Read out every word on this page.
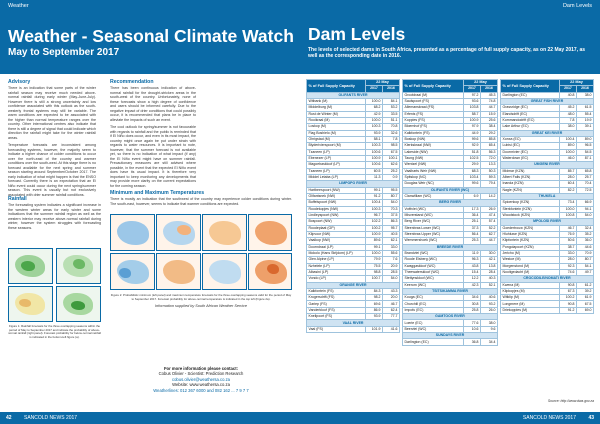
Weather
Weather - Seasonal Climate Watch
May to September 2017
Advisory

There is an indication that some parts of the winter rainfall season may receive much needed above-normal rainfall during early winter (May-June-July). However there is still a strong uncertainty and low confidence associated with this outlook as the south-westerly frontal systems may still be variable. The warm conditions are expected to be associated with the higher than normal temperature ranges over the country. Other international centres also indicate that there is still a degree of signal that could indicate which direction the rainfall might take for the winter rainfall areas.

Temperature forecasts are inconsistent among forecasting systems, however, the majority seem to indicate a higher chance of colder conditions to occur over the north-east of the country and warmer conditions over the south-west. At this stage there is no forecast available for the next spring and summer season starting around September/October 2017. The early indication of what might happen is that the ENSO forecast. Currently there is an expectation that an El Niño event could occur during the next spring/summer season. This event is usually but not exclusively associated with drier summer rainfall conditions.

Recommendation

There has been continuous indication of above-normal rainfall for the drought-stricken areas in the south-west of the country. Unfortunately, none of these forecasts show a high degree of confidence and users should be informed carefully. Due to the negative impact of drier conditions that could possibly occur, it is recommended that plans be in place to alleviate the impacts of such an event.

The cool outlook for spring/summer is not favourable with regards to rainfall and the public is reminded that if El Niño does occur, and even in its most impact, the country might once again be put under strain with regards to water resources. It is important to note, however, that the summer forecast is not available yet, so there is no indication of what impact (if any) the El Niño event might have on summer rainfall. Precautionary measures are still advised where possible, in the event that the expected El Niño event does have its usual impact. It is therefore very important to keep monitoring any developments that may provide more clarity on the current expectations for the coming season.

Rainfall

The forecasting system indicates a significant increase in the western winter areas for early winter and some indications that the summer rainfall region as well as the western interior may receive above-normal rainfall during winter, however the system struggles with forecasting these seasons.

Minimum and Maximum Temperatures

There is mostly an indication that the southwest of the country may experience colder conditions during winter. The south-east, however, seems to indicate that warmer conditions are expected.

Figure 1: Rainfall forecasts for the three overlapping seasons within the period of May to September 2017 and indicate the probability of above-normal rainfall (right panel). Forecast probability for below-normal rainfall is indicated in the bottom-left figure (a).
Figure 2: Probabilistic minimum (left panel) and maximum temperature forecasts for the three overlapping seasons valid for the period of May to September 2017. Forecast probability for above-normal temperature is indicated in the top left (Figure 2a).
Information supplied by South African Weather Service
For more information please contact:
Cobus Olivier - Scientist: Prediction Research
cobus.olivier@weathersa.co.za
Website: www.weathersa.co.za
Weatherlines: 012 367 6000 and 082 162 ... 7 9 7 7
42 SANCOLD NEWS 2017
Dam Levels
Dam Levels
The levels of selected dams in South Africa, presented as a percentage of full supply capacity, as on 22 May 2017, as well as the corresponding date in 2016.
% of Full Supply Capacity	22 May	
	2017	2016
OLIFANTS RIVER		
Witbank (M)	100.0	84.1
Middelburg (M)	68.2	53.2
Rust de Winter (M)	42.9	33.5
Rooikraal (M)	100.0	51.1
Loskop (M)	100.3	70.8
Flag Boshielo (M)	93.9	32.6
Ohrigstad (M)	58.1	7.8
Blyderivierspoort (M)	100.3	98.5
Tzaneen (LP)	100.6	67.5
Ebenezer (LP)	100.9	100.1
Magoebaskloof (LP)	100.6	62.6
Tzaneen (LP)	60.5	25.2
Middel Letaba (LP)	11.3	0.9
LIMPOPO RIVER		
Hartbeespoort (NW)	99.1	95.5
Olifantsnek (NW)	91.2	80.7
Buffelspoort (NW)	100.4	54.0
Roodekopjes (NW)	100.3	70.3
Lindleyspoort (NW)	96.7	37.5
Bospoort (NW)	102.2	86.3
Roodeplaat (GP)	100.2	95.7
Klipvoor (NW)	100.9	40.5
Vaalkop (NW)	89.6	62.1
Doorndraai (LP)	99.1	33.0
Mokolo (Hans Strijdom) (LP)	100.0	55.6
Glen Alpine (LP)	79.9	7.6
Nzhelele (LP)	75.5	20.9
Albasini (LP)	98.8	28.5
Vondo (LP)	100.7	54.0
ORANGE RIVER		
Kalkfontein (FS)	84.3	43.3
Krugersdrift (FS)	98.2	20.0
Gariep (FS)	69.6	46.7
Vanderkloof (FS)	86.9	62.4
Knellpoort (FS)	93.9	77.7
VAAL RIVER		
Vaal (FS)	101.9	41.6
% of Full Supply Capacity	22 May	
	2017	2016
Grootdraai (M)	97.2	45.3
Saulspoort (FS)	93.6	74.8
Allemanskraal (FS)	103.8	44.7
Erfenis (FS)	58.7	15.9
Koppies (FS)	100.9	25.6
Bloemhof (FS)	97.9	38.4
Kalkfontein (FS)	44.9	29.2
Boskop (NW)	99.6	85.8
Klerkskraal (NW)	92.9	65.4
Lakeside (NW)	51.8	56.3
Taung (NW)	102.5	72.0
Wentzel (NW)	29.9	13.3
Vaalharts Weir (NW)	68.3	50.3
Spitskop (NC)	103.4	59.3
Douglas Weir (NC)	99.6	79.4
OLIFANTS RIVER (WC)		
Clanwilliam (WC)	6.9	14.2
BERG RIVER		
Voëlvlei (WC)	17.3	26.9
Misverstand (WC)	36.4	47.4
Berg River (WC)	25.1	57.4
Steenbras Lower (WC)	37.3	52.2
Steenbras Upper (WC)	56.4	62.7
Wemmershoek (WC)	25.3	44.7
BREEDE RIVER		
Brandvlei (WC)	11.9	30.0
Roode Elsberg (WC)	96.3	42.1
Kwaggaskloof (WC)	43.8	13.8
Theewaterskloof (WC)	15.4	28.4
Stettynskloof (WC)	12.2	40.3
Keerom (WC)	42.3	52.1
TSITSIKAMMA RIVER		
Kouga (EC)	34.6	40.6
Churchill (EC)	30.8	93.2
Impofu (EC)	25.8	26.0
GAMTOOS RIVER		
Loerie (EC)	77.6	38.0
Beervlei (WC)	10.6	9.6
SUNDAYS RIVER		
Darlington (EC)	36.8	34.4
% of Full Supply Capacity	22 May	
	2017	2016
Darlington (EC)	40.8	38.0
GREAT FISH RIVER		
Grassridge (EC)	45.2	61.5
Elandsdrift (EC)	48.0	55.4
Kommandodrift (EC)	7.8	19.9
Lake Arthur (EC)	38.0	39.1
GREAT KEI RIVER		
Xonxa (EC)	100.4	89.0
Lubisi (EC)	89.0	96.5
Doornrivier (EC)	100.0	54.5
Waterdown (EC)	46.0	87.1
UMGENI RIVER		
Midmar (KZN)	85.7	65.8
Albert Falls (KZN)	28.0	25.7
Inanda (KZN)	60.4	70.4
Nagle (KZN)	82.2	72.5
THUKELA		
Spioenkop (KZN)	73.4	66.9
Sterkfontein (KZN)	100.0	94.1
Woodstock (KZN)	100.8	54.0
MPOLOSI RIVER		
Goedertrouw (KZN)	46.7	32.4
Hluhluwe (KZN)	76.9	35.2
Klipfontein (KZN)	50.6	36.0
Pongolapoort (KZN)	38.7	44.6
Jericho (M)	33.0	70.9
Westoe (M)	28.0	80.7
Morgenstond (M)	92.3	54.1
Nooitgedacht (M)	74.6	49.7
CROCODILE/NOMATI RIVER		
Kwena (M)	90.8	61.2
Klipkopjes (M)	67.3	39.2
Witklip (M)	100.2	61.9
Longmere (M)	90.8	67.5
Driekoppies (M)	91.2	69.0
Source: http://www.dwa.gov.za
SANCOLD NEWS 2017 43
